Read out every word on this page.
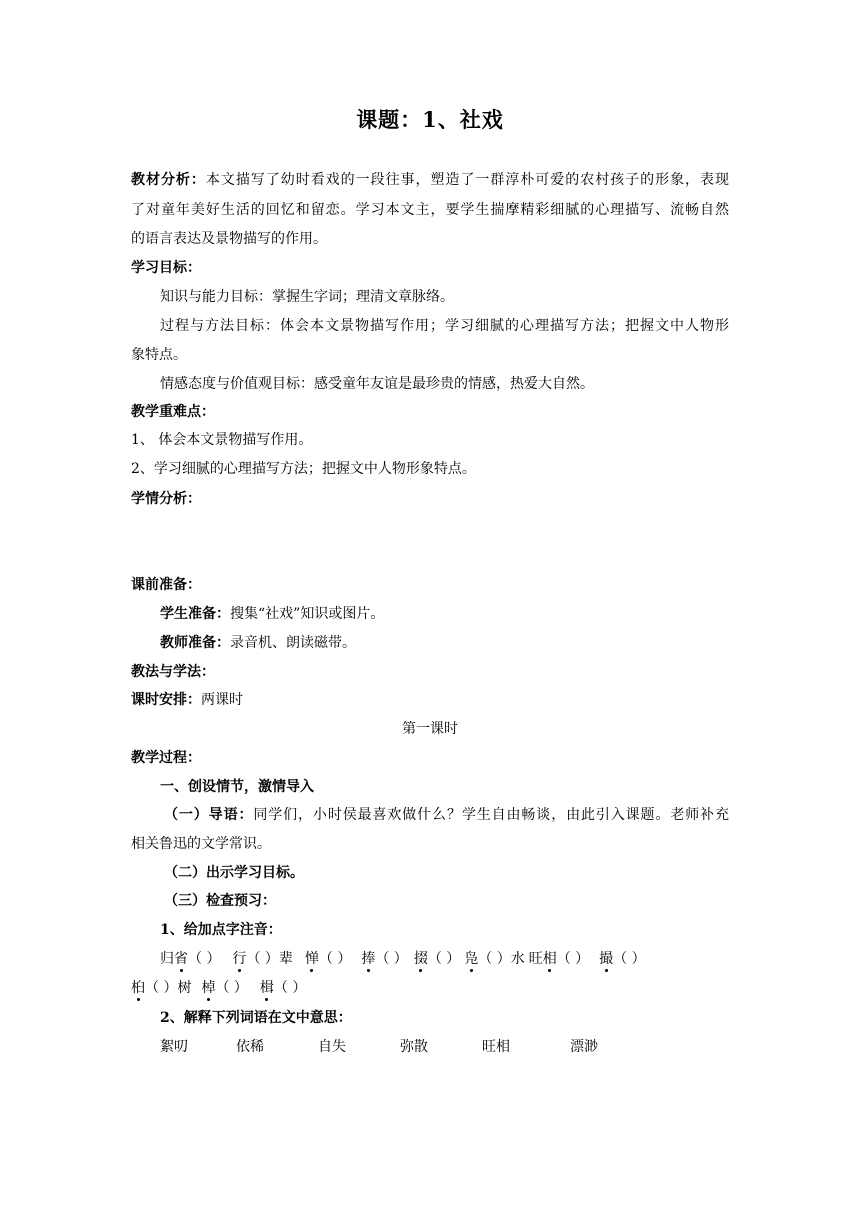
课题：1、社戏
教材分析：本文描写了幼时看戏的一段往事，塑造了一群淳朴可爱的农村孩子的形象，表现
了对童年美好生活的回忆和留恋。学习本文主，要学生揣摩精彩细腻的心理描写、流畅自然
的语言表达及景物描写的作用。
学习目标：
知识与能力目标：掌握生字词；理清文章脉络。
过程与方法目标：体会本文景物描写作用；学习细腻的心理描写方法；把握文中人物形
象特点。
情感态度与价值观目标：感受童年友谊是最珍贵的情感，热爱大自然。
教学重难点：
1、 体会本文景物描写作用。
2、学习细腻的心理描写方法；把握文中人物形象特点。
学情分析：
课前准备：
学生准备：搜集“社戏”知识或图片。
教师准备：录音机、朗读磁带。
教法与学法：
课时安排：两课时
第一课时
教学过程：
一、创设情节，激情导入
（一）导语：同学们，小时侯最喜欢做什么？学生自由畅谈，由此引入课题。老师补充
相关鲁迅的文学常识。
（二）出示学习目标。
（三）检查预习：
1、给加点字注音：
归省（ ） 行（ ）辈 惮（ ） 捧（ ） 掇（ ） 凫（ ）水 旺相（ ） 撮（ ）
桕（ ）树 棹（ ） 楫（ ）
2、解释下列词语在文中意思：
絮叨	依稀	自失	弥散	旺相	漂渺
